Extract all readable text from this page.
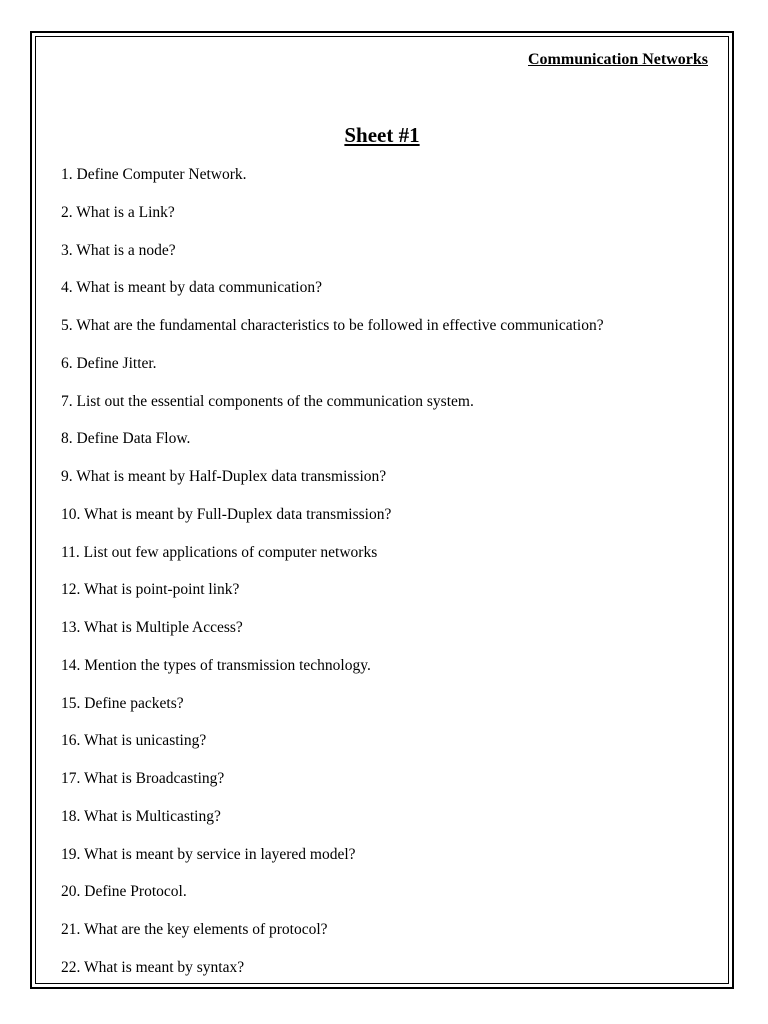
Communication Networks
Sheet #1
1. Define Computer Network.
2. What is a Link?
3. What is a node?
4. What is meant by data communication?
5. What are the fundamental characteristics to be followed in effective communication?
6. Define Jitter.
7. List out the essential components of the communication system.
8. Define Data Flow.
9. What is meant by Half-Duplex data transmission?
10. What is meant by Full-Duplex data transmission?
11. List out few applications of computer networks
12. What is point-point link?
13. What is Multiple Access?
14. Mention the types of transmission technology.
15. Define packets?
16. What is unicasting?
17. What is Broadcasting?
18. What is Multicasting?
19. What is meant by service in layered model?
20. Define Protocol.
21. What are the key elements of protocol?
22. What is meant by syntax?
